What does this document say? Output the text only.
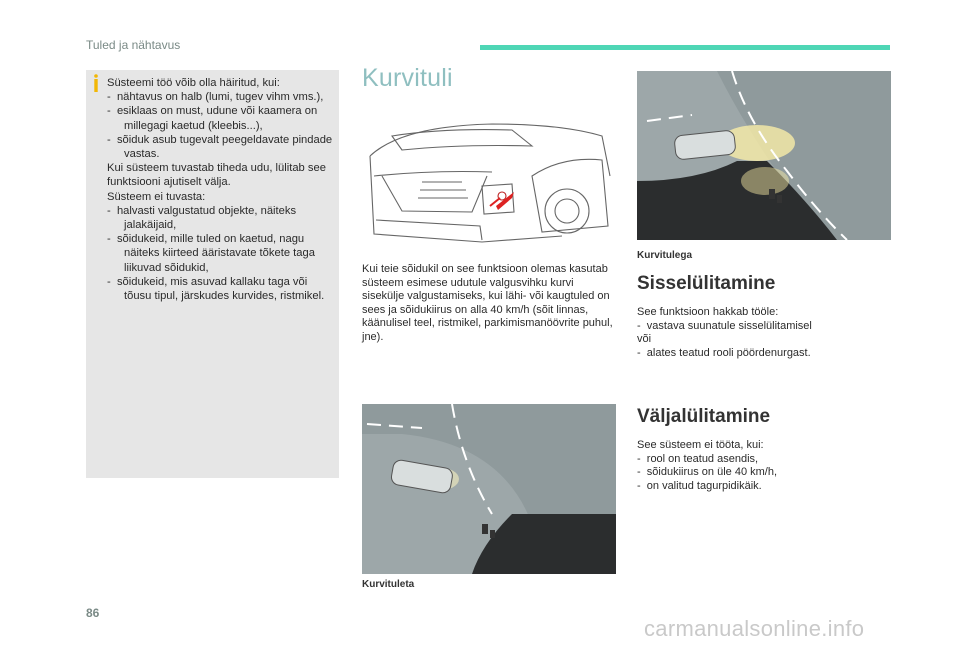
Tuled ja nähtavus
Süsteemi töö võib olla häiritud, kui:
-  nähtavus on halb (lumi, tugev vihm vms.),
-  esiklaas on must, udune või kaamera on millegagi kaetud (kleebis...),
-  sõiduk asub tugevalt peegeldavate pindade vastas.
Kui süsteem tuvastab tiheda udu, lülitab see funktsiooni ajutiselt välja.
Süsteem ei tuvasta:
-  halvasti valgustatud objekte, näiteks jalakäijaid,
-  sõidukeid, mille tuled on kaetud, nagu näiteks kiirteed ääristavate tõkete taga liikuvad sõidukid,
-  sõidukeid, mis asuvad kallaku taga või tõusu tipul, järskudes kurvides, ristmikel.
Kurvituli
Kui teie sõidukil on see funktsioon olemas kasutab süsteem esimese udutule valgusvihku kurvi sisekülje valgustamiseks, kui lähi- või kaugtuled on sees ja sõidukiirus on alla 40 km/h (sõit linnas, käänulisel teel, ristmikel, parkimismanöövrite puhul, jne).
Kurvituleta
Kurvitulega
Sisselülitamine
See funktsioon hakkab tööle:
-  vastava suunatule sisselülitamisel
või
-  alates teatud rooli pöördenurgast.
Väljalülitamine
See süsteem ei tööta, kui:
-  rool on teatud asendis,
-  sõidukiirus on üle 40 km/h,
-  on valitud tagurpidikäik.
86
carmanualsonline.info
